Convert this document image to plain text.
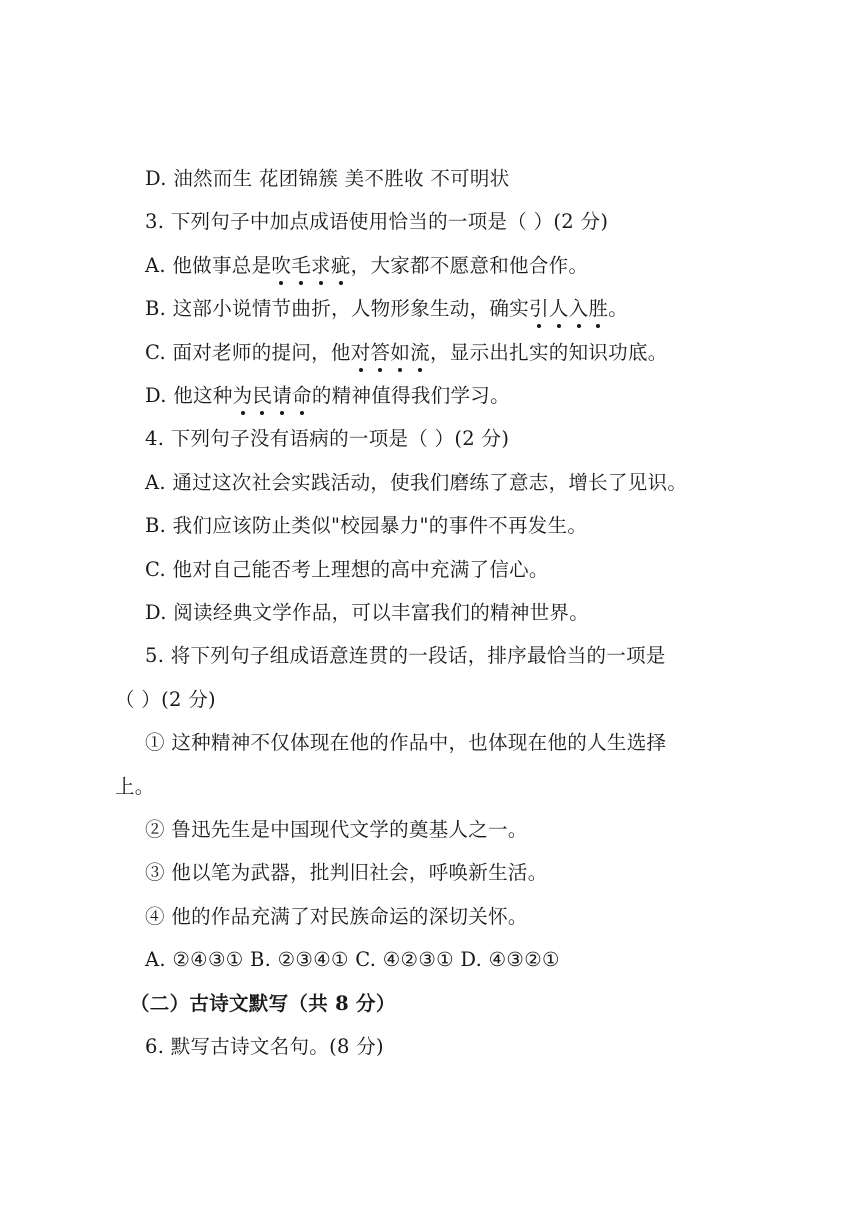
D. 油然而生 花团锦簇 美不胜收 不可明状
3. 下列句子中加点成语使用恰当的一项是（ ）(2 分)
A. 他做事总是吹毛求疵，大家都不愿意和他合作。
B. 这部小说情节曲折，人物形象生动，确实引人入胜。
C. 面对老师的提问，他对答如流，显示出扎实的知识功底。
D. 他这种为民请命的精神值得我们学习。
4. 下列句子没有语病的一项是（ ）(2 分)
A. 通过这次社会实践活动，使我们磨练了意志，增长了见识。
B. 我们应该防止类似"校园暴力"的事件不再发生。
C. 他对自己能否考上理想的高中充满了信心。
D. 阅读经典文学作品，可以丰富我们的精神世界。
5. 将下列句子组成语意连贯的一段话，排序最恰当的一项是
（ ）(2 分)
① 这种精神不仅体现在他的作品中，也体现在他的人生选择
上。
② 鲁迅先生是中国现代文学的奠基人之一。
③ 他以笔为武器，批判旧社会，呼唤新生活。
④ 他的作品充满了对民族命运的深切关怀。
A. ②④③① B. ②③④① C. ④②③① D. ④③②①
（二）古诗文默写（共 8 分）
6. 默写古诗文名句。(8 分)
